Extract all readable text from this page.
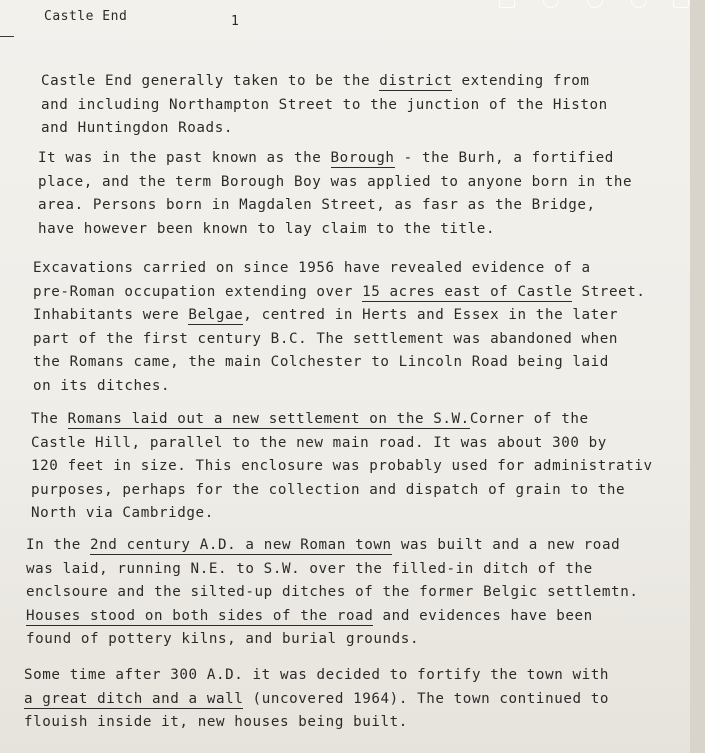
Castle End	1
Castle End generally taken to be the district extending from
and including Northampton Street to the junction of the Histon
and Huntingdon Roads.
It was in the past known as the Borough - the Burh, a fortified
place, and the term Borough Boy was applied to anyone born in the
area. Persons born in Magdalen Street, as fasr as the Bridge,
have however been known to lay claim to the title.
Excavations carried on since 1956 have revealed evidence of a
pre-Roman occupation extending over 15 acres east of Castle Street.
Inhabitants were Belgae, centred in Herts and Essex in the later
part of the first century B.C. The settlement was abandoned when
the Romans came, the main Colchester to Lincoln Road being laid
on its ditches.
The Romans laid out a new settlement on the S.W.Corner of the
Castle Hill, parallel to the new main road. It was about 300 by
120 feet in size. This enclosure was probably used for administrativ
purposes, perhaps for the collection and dispatch of grain to the
North via Cambridge.
In the 2nd century A.D. a new Roman town was built and a new road
was laid, running N.E. to S.W. over the filled-in ditch of the
enclsoure and the silted-up ditches of the former Belgic settlemtn.
Houses stood on both sides of the road and evidences have been
found of pottery kilns, and burial grounds.
Some time after 300 A.D. it was decided to fortify the town with
a great ditch and a wall (uncovered 1964). The town continued to
flouish inside it, new houses being built.
